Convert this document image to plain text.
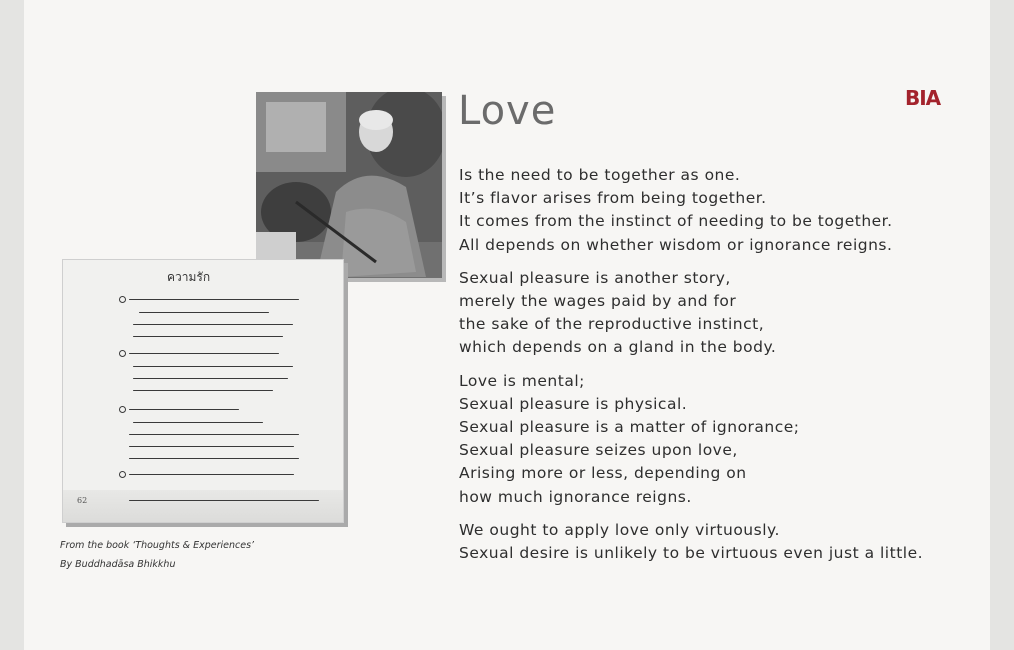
BIA
ความรัก
62
From the book ‘Thoughts & Experiences’
By Buddhadāsa Bhikkhu
Love
Is the need to be together as one.
It’s flavor arises from being together.
It comes from the instinct of needing to be together.
All depends on whether wisdom or ignorance reigns.
Sexual pleasure is another story,
merely the wages paid by and for
the sake of the reproductive instinct,
which depends on a gland in the body.
Love is mental;
Sexual pleasure is physical.
Sexual pleasure is a matter of ignorance;
Sexual pleasure seizes upon love,
Arising more or less, depending on
how much ignorance reigns.
We ought to apply love only virtuously.
Sexual desire is unlikely to be virtuous even just a little.
